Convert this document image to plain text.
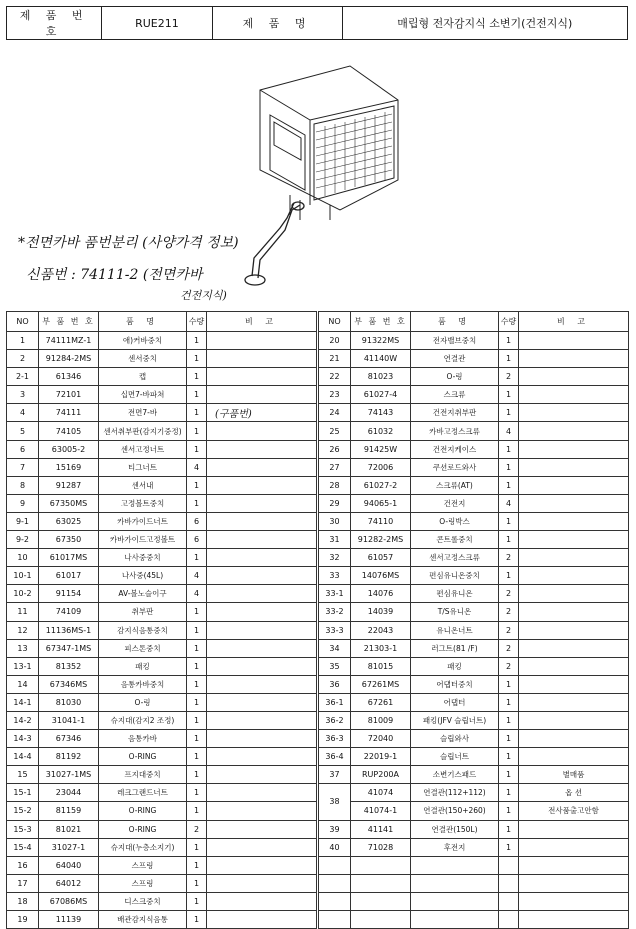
제 품 번 호	RUE211	제 품 명	매립형 전자감지식 소변기(건전지식)
*전면카바 품번분리 (사양가격 정보)
신품번 : 74111-2 (전면카바
건전지식)
NO	부 품 번 호	품 명	수량	비 고
1	74111MZ-1	애)커바중치	1	
2	91284-2MS	센서중치	1	
2-1	61346	캡	1	
3	72101	십면7-바파쳐	1	
4	74111	전면7-바	1	(구품번)
5	74105	센서취부판(감지기중정)	1	
6	63005-2	센서고정너트	1	
7	15169	티그너트	4	
8	91287	센서내	1	
9	67350MS	고정볼트중치	1	
9-1	63025	카바가이드너트	6	
9-2	67350	카바가이드고정볼트	6	
10	61017MS	나사중중치	1	
10-1	61017	나사중(45L)	4	
10-2	91154	AV-볼노슬이구	4	
11	74109	취부판	1	
12	11136MS-1	감지식음통중치	1	
13	67347-1MS	피스톤중치	1	
13-1	81352	패킹	1	
14	67346MS	음통카바중치	1	
14-1	81030	O-링	1	
14-2	31041-1	슈지대(감지2 조정)	1	
14-3	67346	음통카바	1	
14-4	81192	O-RING	1	
15	31027-1MS	프지대중치	1	
15-1	23044	레크그랜드너트	1	
15-2	81159	O-RING	1	
15-3	81021	O-RING	2	
15-4	31027-1	슈지대(누층소지기)	1	
16	64040	스프링	1	
17	64012	스프링	1	
18	67086MS	디스크중치	1	
19	11139	배관감지식음통	1	
NO	부 품 번 호	품 명	수량	비 고
20	91322MS	전자밸브중치	1	
21	41140W	연결관	1	
22	81023	O-링	2	
23	61027-4	스크류	1	
24	74143	건전지취부판	1	
25	61032	카바고정스크류	4	
26	91425W	건전지케이스	1	
27	72006	쿠션로드와사	1	
28	61027-2	스크류(AT)	1	
29	94065-1	건전지	4	
30	74110	O-링박스	1	
31	91282-2MS	콘트롤중치	1	
32	61057	센서고정스크류	2	
33	14076MS	편심유니온중치	1	
33-1	14076	편심유니온	2	
33-2	14039	T/S유니온	2	
33-3	22043	유니온너트	2	
34	21303-1	러그트(81 /F)	2	
35	81015	패킹	2	
36	67261MS	어댑터중치	1	
36-1	67261	어댑터	1	
36-2	81009	패킹(JFV 슬립너트)	1	
36-3	72040	슬립와사	1	
36-4	22019-1	슬립너트	1	
37	RUP200A	소변기스패드	1	별매품
38	41074	연결관(112+112)	1	옵 션
	41074-1	연결관(150+260)	1	전사품출고안함
39	41141	연결관(150L)	1	
40	71028	후전지	1	
